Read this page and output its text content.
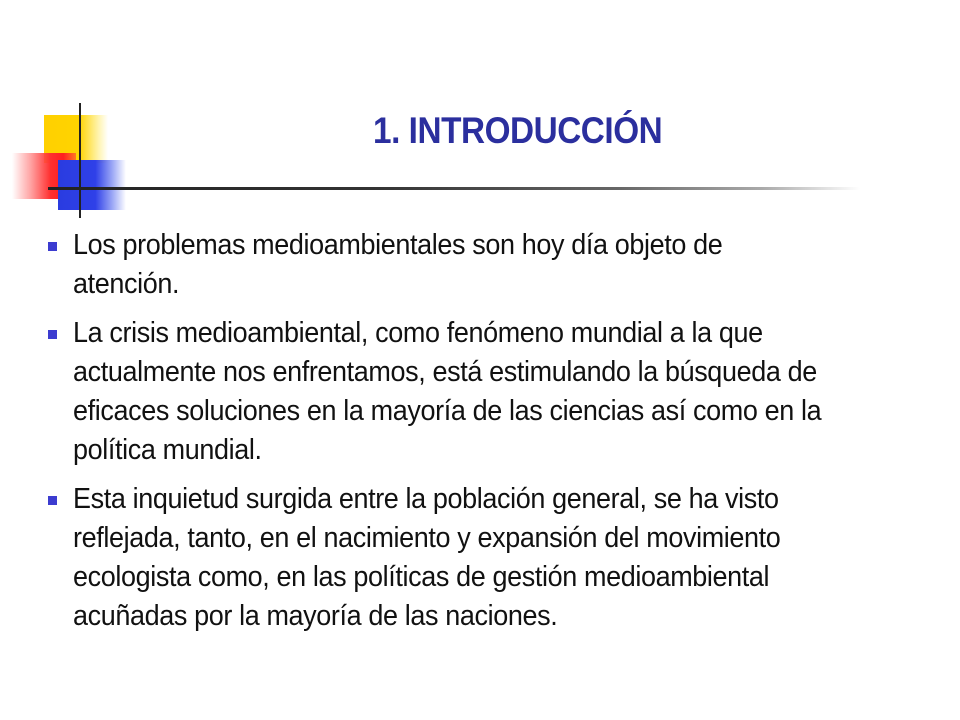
1. INTRODUCCIÓN
Los problemas medioambientales son hoy día objeto de
atención.
La crisis medioambiental, como fenómeno mundial a la que
actualmente nos enfrentamos, está estimulando la búsqueda de
eficaces soluciones en la mayoría de las ciencias así como en la
política mundial.
Esta inquietud surgida entre la población general, se ha visto
reflejada, tanto, en el nacimiento y expansión del movimiento
ecologista como, en las políticas de gestión medioambiental
acuñadas por la mayoría de las naciones.
